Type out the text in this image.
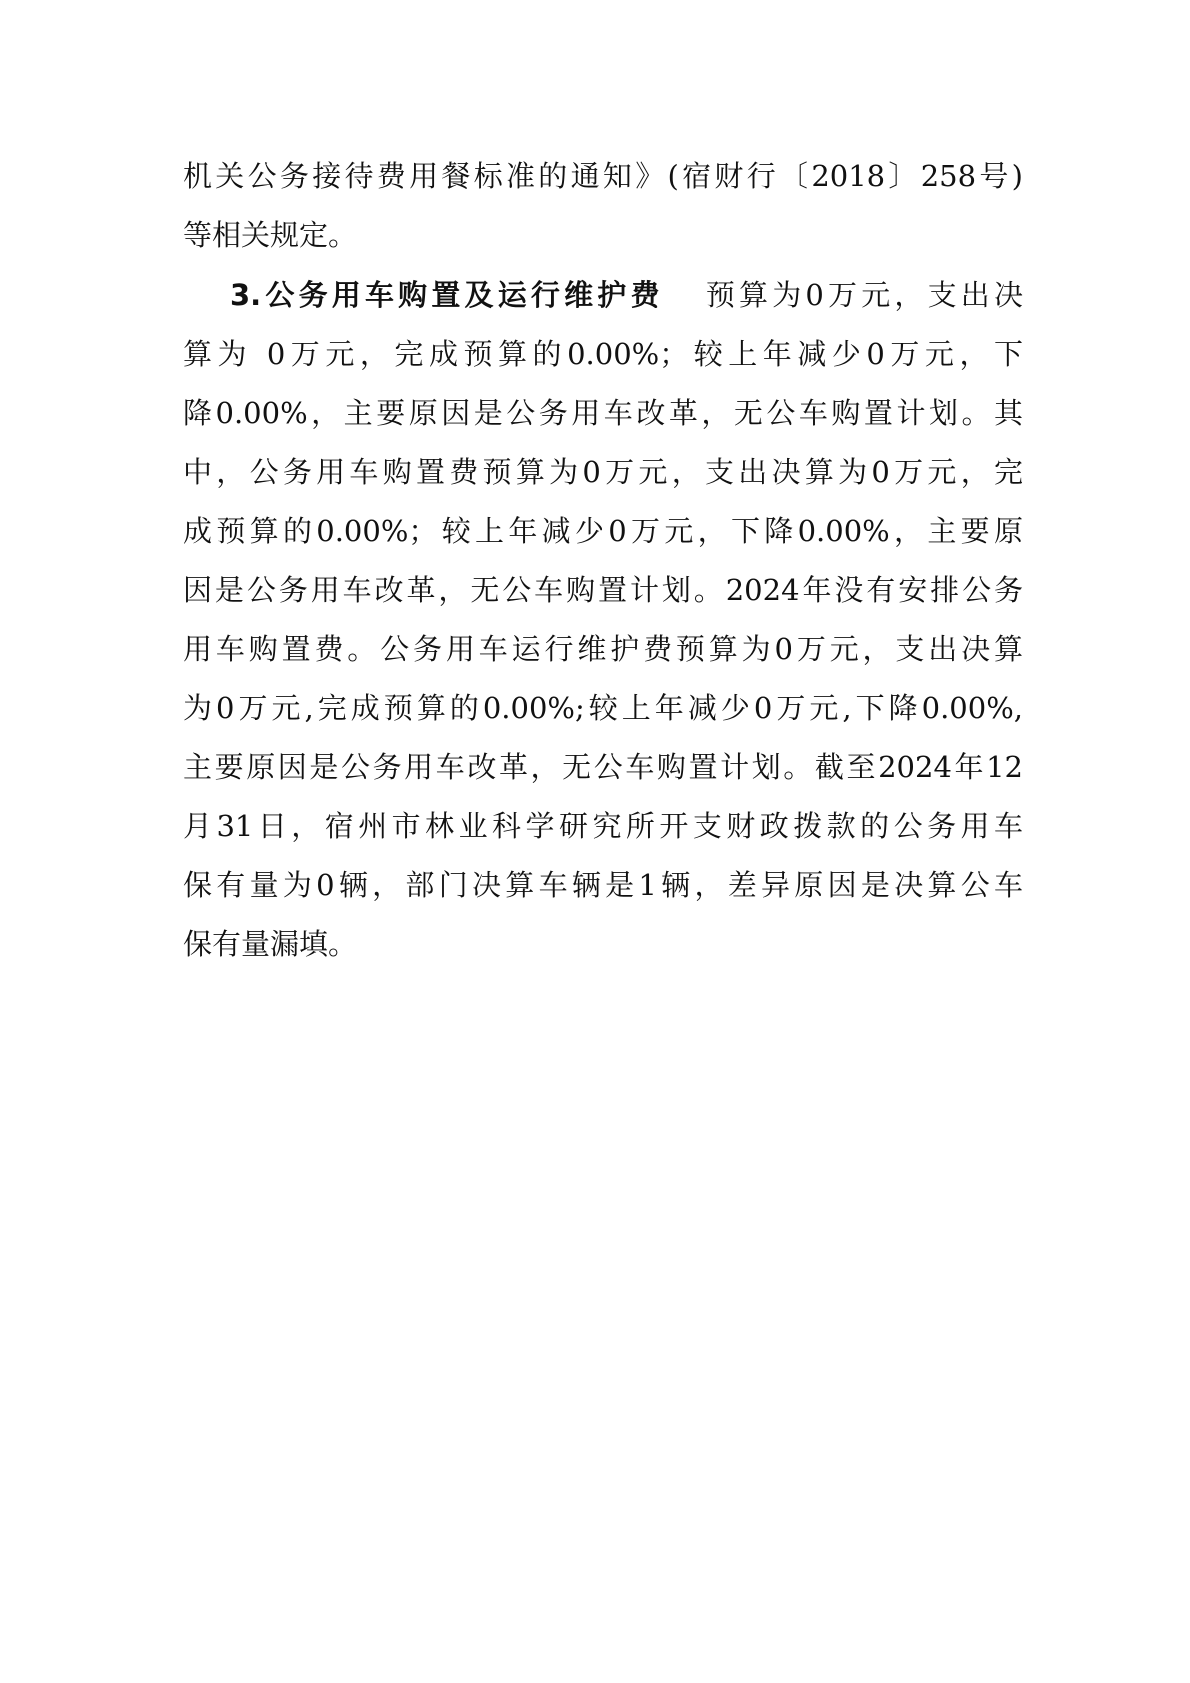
机关公务接待费用餐标准的通知》(宿财行〔2018〕258号)
等相关规定。
3.公务用车购置及运行维护费 预算为0万元，支出决
算为 0万元，完成预算的0.00%；较上年减少0万元，下
降0.00%，主要原因是公务用车改革，无公车购置计划。其
中，公务用车购置费预算为0万元，支出决算为0万元，完
成预算的0.00%；较上年减少0万元，下降0.00%，主要原
因是公务用车改革，无公车购置计划。2024年没有安排公务
用车购置费。公务用车运行维护费预算为0万元，支出决算
为0万元,完成预算的0.00%;较上年减少0万元,下降0.00%,
主要原因是公务用车改革，无公车购置计划。截至2024年12
月31日，宿州市林业科学研究所开支财政拨款的公务用车
保有量为0辆，部门决算车辆是1辆，差异原因是决算公车
保有量漏填。
